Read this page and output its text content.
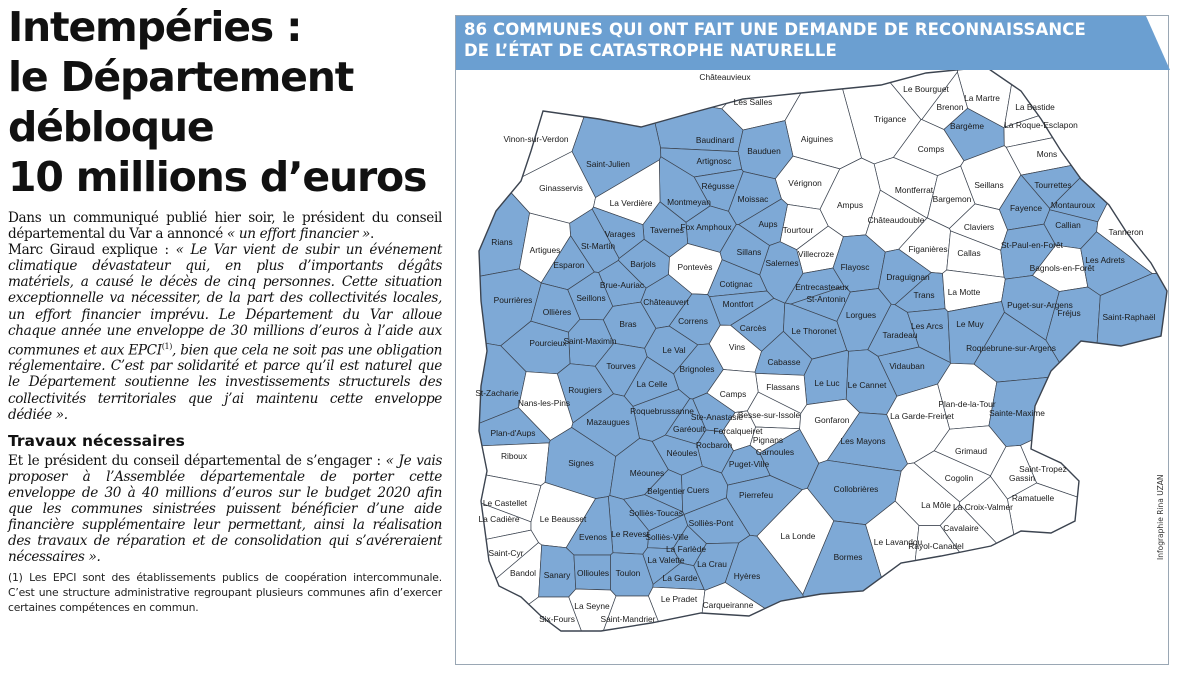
Intempéries :
le Département
débloque
10 millions d’euros

Dans un communiqué publié hier soir, le président du conseil départemental du Var a annoncé « un effort financier ».

Marc Giraud explique : « Le Var vient de subir un événement climatique dévastateur qui, en plus d’importants dégâts matériels, a causé le décès de cinq personnes. Cette situation exceptionnelle va nécessiter, de la part des collectivités locales, un effort financier imprévu. Le Département du Var alloue chaque année une enveloppe de 30 millions d’euros à l’aide aux communes et aux EPCI$^{(1)}$, bien que cela ne soit pas une obligation réglementaire. C’est par solidarité et parce qu’il est naturel que le Département soutienne les investissements structurels des collectivités territoriales que j’ai maintenu cette enveloppe dédiée ».

Travaux nécessaires

Et le président du conseil départemental de s’engager : « Je vais proposer à l’Assemblée départementale de porter cette enveloppe de 30 à 40 millions d’euros sur le budget 2020 afin que les communes sinistrées puissent bénéficier d’une aide financière supplémentaire leur permettant, ainsi la réalisation des travaux de réparation et de consolidation qui s’avéreraient nécessaires ».

(1) Les EPCI sont des établissements publics de coopération intercommunale. C’est une structure administrative regroupant plusieurs communes afin d’exercer certaines compétences en commun.
Châteauvieux
Les Salles
Le Bourguet
La Martre
Brenon	La Bastide
Trigance
Bargème La Roque-Esclapon
Vinon-sur-Verdon	Baudinard	Aiguines
Bauduen	Comps	Mons
Saint-Julien	Artignosc
Vérignon	Seillans	Tourrettes
Ginasservis	Régusse
Moissac
Montferrat
Bargemon
Montmeyan
La Verdière	Ampus	Fayence Montauroux
Tourtour
Aups	Châteaudouble
Fox Amphoux
Tavernes
Varages
Claviers	Callian
Tanneron
Rians	St-Martin
Villecroze	Figanières
Artigues	Sillans	Callas
St-Paul-en-Forêt
Esparon	Barjols	Pontevès	Salernes	Flayosc	Bagnols-en-Forêt
Les Adrets
Draguignan
Brue-Auriac	Cotignac	Entrecasteaux
Pourrières	Seillons	Trans La Motte
Châteauvert	Montfort	St-Antonin
Puget-sur-Argens
Fréjus
Ollières	Lorgues	Saint-Raphaël
Bras	Correns
Carcès	Le Thoronet	Taradeau
Les Arcs Le Muy
Saint-Maximin
Pourcieux	Roquebrune-sur-Argens
Le Val	Vins
Cabasse	Vidauban
Tourves	Brignoles
Le Luc Le Cannet
Flassans
La Celle
Rougiers
St-Zacharie	Camps
Plan-de-la-Tour
Nans-les-Pins
Roquebrussanne	Besse-sur-Issole	La Garde-Freinet
Ste-Anastasie	Sainte-Maxime
Mazaugues	Gonfaron
Forcalqueiret
Garéoult
Plan-d'Aups
Pignans	Les Mayons
Rocbaron
Carnoules
Néoules	Grimaud
Riboux
Signes	Puget-Ville	Saint-Tropez
Méounes	Gassin
Cogolin
Belgentier Cuers	Collobrières
Pierrefeu	Ramatuelle
Le Castellet	La Môle La Croix-Valmer
Solliès-Toucas
La Cadière Le Beausset	Solliès-Pont	Cavalaire
Solliès-Ville
Le Revest
Evenos	La Londe
Le Lavandou
Rayol-Canadel
Saint-Cyr	La Farlède
Bormes
La Valette La Crau
Bandol Sanary Ollioules Toulon	Hyères
La Garde
Le Pradet
La Seyne	Carqueiranne
Saint-Mandrier
Six-Fours
86 COMMUNES QUI ONT FAIT UNE DEMANDE DE RECONNAISSANCE
DE L’ÉTAT DE CATASTROPHE NATURELLE
Infographie Rina UZAN
